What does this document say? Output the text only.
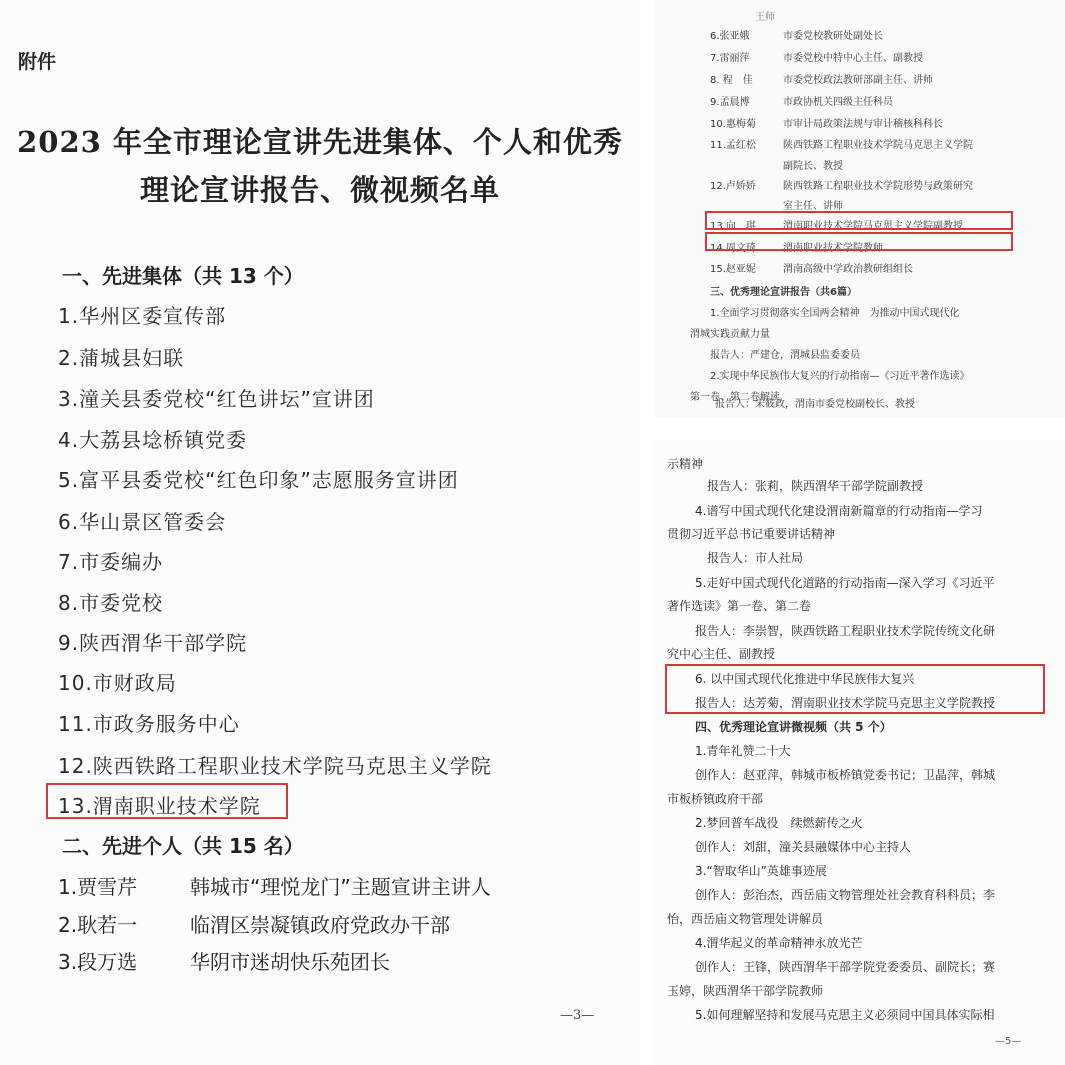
附件
2023 年全市理论宣讲先进集体、个人和优秀
理论宣讲报告、微视频名单
一、先进集体（共 13 个）
1.华州区委宣传部
2.蒲城县妇联
3.潼关县委党校“红色讲坛”宣讲团
4.大荔县埝桥镇党委
5.富平县委党校“红色印象”志愿服务宣讲团
6.华山景区管委会
7.市委编办
8.市委党校
9.陕西渭华干部学院
10.市财政局
11.市政务服务中心
12.陕西铁路工程职业技术学院马克思主义学院
13.渭南职业技术学院
二、先进个人（共 15 名）
1.贾雪芹	韩城市“理悦龙门”主题宣讲主讲人
2.耿若一	临渭区崇凝镇政府党政办干部
3.段万选	华阴市迷胡快乐苑团长
—3—
王师
6.张亚娥	市委党校教研处副处长
7.雷丽萍	市委党校中特中心主任、副教授
8. 程　佳	市委党校政法教研部副主任、讲师
9.孟晨博	市政协机关四级主任科员
10.惠梅菊	市审计局政策法规与审计稽核科科长
11.孟红松	陕西铁路工程职业技术学院马克思主义学院
副院长、教授
12.卢娇娇	陕西铁路工程职业技术学院形势与政策研究
室主任、讲师
13.向　琪	渭南职业技术学院马克思主义学院副教授
14.周文琦	渭南职业技术学院教师
15.赵亚妮	渭南高级中学政治教研组组长
三、优秀理论宣讲报告（共6篇）
1.全面学习贯彻落实全国两会精神　为推动中国式现代化
渭城实践贡献力量
报告人：严建仓，渭城县监委委员
2.实现中华民族伟大复兴的行动指南—《习近平著作选读》
第一卷、第二卷解读
报告人：宋筱政，渭南市委党校副校长、教授
示精神
报告人：张莉，陕西渭华干部学院副教授
4.谱写中国式现代化建设渭南新篇章的行动指南—学习
贯彻习近平总书记重要讲话精神
报告人：市人社局
5.走好中国式现代化道路的行动指南—深入学习《习近平
著作选读》第一卷、第二卷
报告人：李崇智，陕西铁路工程职业技术学院传统文化研
究中心主任、副教授
6. 以中国式现代化推进中华民族伟大复兴
报告人：达芳菊，渭南职业技术学院马克思主义学院教授
四、优秀理论宣讲微视频（共 5 个）
1.青年礼赞二十大
创作人：赵亚萍，韩城市板桥镇党委书记；卫晶萍，韩城
市板桥镇政府干部
2.梦回普车战役　续燃薪传之火
创作人：刘甜，潼关县融媒体中心主持人
3.“智取华山”英雄事迹展
创作人：彭治杰，西岳庙文物管理处社会教育科科员；李
怡，西岳庙文物管理处讲解员
4.渭华起义的革命精神永放光芒
创作人：王锋，陕西渭华干部学院党委委员、副院长；赛
玉婷，陕西渭华干部学院教师
5.如何理解坚持和发展马克思主义必须同中国具体实际相
—5—
